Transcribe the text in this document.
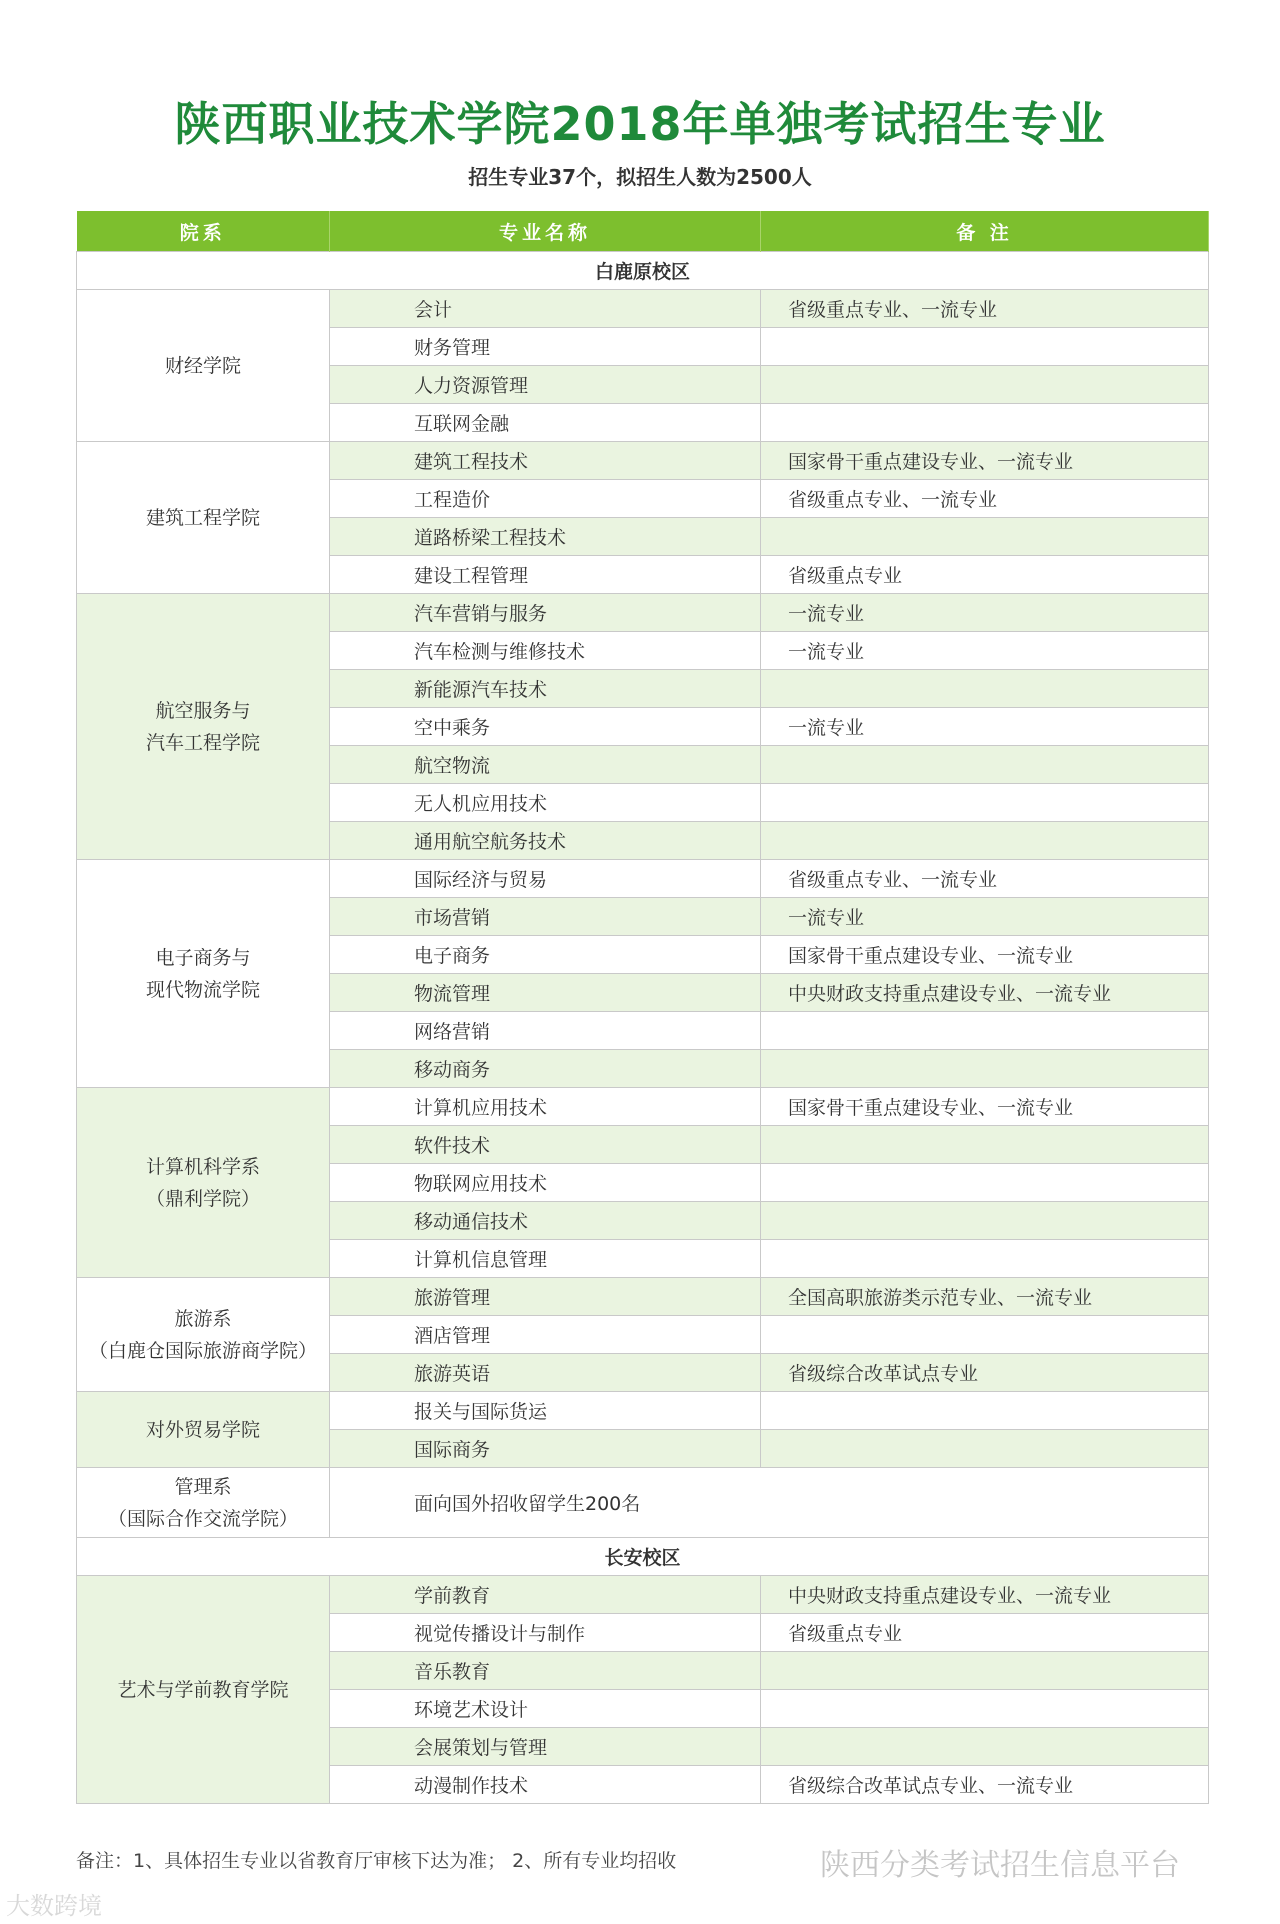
陕西职业技术学院2018年单独考试招生专业
招生专业37个，拟招生人数为2500人
院系	专业名称	备 注
白鹿原校区		
财经学院	会计	省级重点专业、一流专业
	财务管理	
	人力资源管理	
	互联网金融	
建筑工程学院	建筑工程技术	国家骨干重点建设专业、一流专业
	工程造价	省级重点专业、一流专业
	道路桥梁工程技术	
	建设工程管理	省级重点专业
航空服务与
汽车工程学院	汽车营销与服务	一流专业
	汽车检测与维修技术	一流专业
	新能源汽车技术	
	空中乘务	一流专业
	航空物流	
	无人机应用技术	
	通用航空航务技术	
电子商务与
现代物流学院	国际经济与贸易	省级重点专业、一流专业
	市场营销	一流专业
	电子商务	国家骨干重点建设专业、一流专业
	物流管理	中央财政支持重点建设专业、一流专业
	网络营销	
	移动商务	
计算机科学系
（鼎利学院）	计算机应用技术	国家骨干重点建设专业、一流专业
	软件技术	
	物联网应用技术	
	移动通信技术	
	计算机信息管理	
旅游系
（白鹿仓国际旅游商学院）	旅游管理	全国高职旅游类示范专业、一流专业
	酒店管理	
	旅游英语	省级综合改革试点专业
对外贸易学院	报关与国际货运	
	国际商务	
管理系
（国际合作交流学院）	面向国外招收留学生200名	
长安校区		
艺术与学前教育学院	学前教育	中央财政支持重点建设专业、一流专业
	视觉传播设计与制作	省级重点专业
	音乐教育	
	环境艺术设计	
	会展策划与管理	
	动漫制作技术	省级综合改革试点专业、一流专业
备注：1、具体招生专业以省教育厅审核下达为准； 2、所有专业均招收	陕西分类考试招生信息平台
大数跨境
